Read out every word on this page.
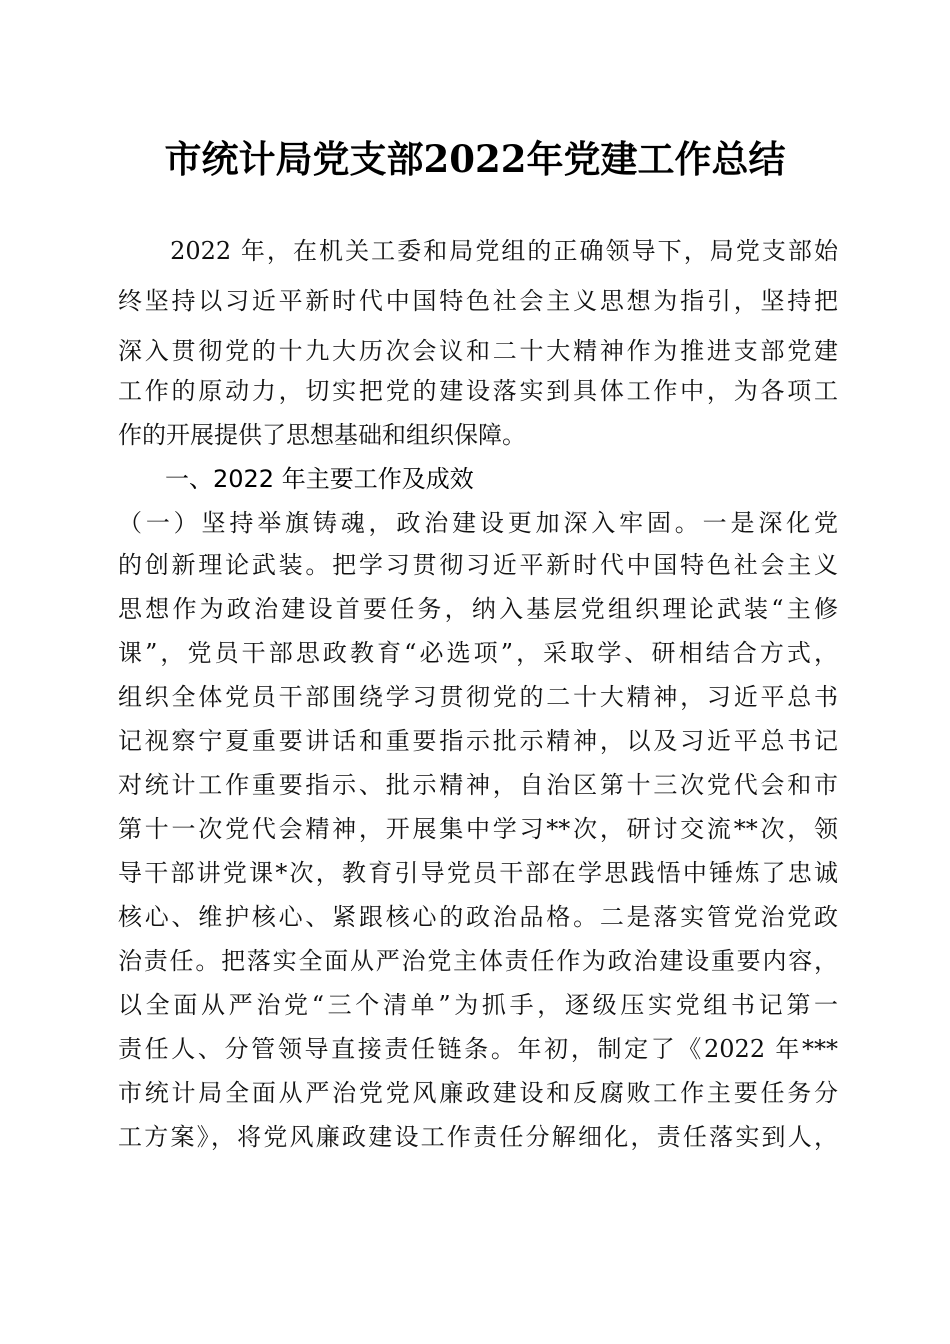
市统计局党支部2022年党建工作总结
　　2022 年，在机关工委和局党组的正确领导下，局党支部始
终坚持以习近平新时代中国特色社会主义思想为指引，坚持把
深入贯彻党的十九大历次会议和二十大精神作为推进支部党建
工作的原动力，切实把党的建设落实到具体工作中，为各项工
作的开展提供了思想基础和组织保障。
一、2022 年主要工作及成效
（一）坚持举旗铸魂，政治建设更加深入牢固。一是深化党
的创新理论武装。把学习贯彻习近平新时代中国特色社会主义
思想作为政治建设首要任务，纳入基层党组织理论武装“主修
课”，党员干部思政教育“必选项”，采取学、研相结合方式，
组织全体党员干部围绕学习贯彻党的二十大精神，习近平总书
记视察宁夏重要讲话和重要指示批示精神，以及习近平总书记
对统计工作重要指示、批示精神，自治区第十三次党代会和市
第十一次党代会精神，开展集中学习**次，研讨交流**次，领
导干部讲党课*次，教育引导党员干部在学思践悟中锤炼了忠诚
核心、维护核心、紧跟核心的政治品格。二是落实管党治党政
治责任。把落实全面从严治党主体责任作为政治建设重要内容，
以全面从严治党“三个清单”为抓手，逐级压实党组书记第一
责任人、分管领导直接责任链条。年初，制定了《2022 年***
市统计局全面从严治党党风廉政建设和反腐败工作主要任务分
工方案》，将党风廉政建设工作责任分解细化，责任落实到人，
